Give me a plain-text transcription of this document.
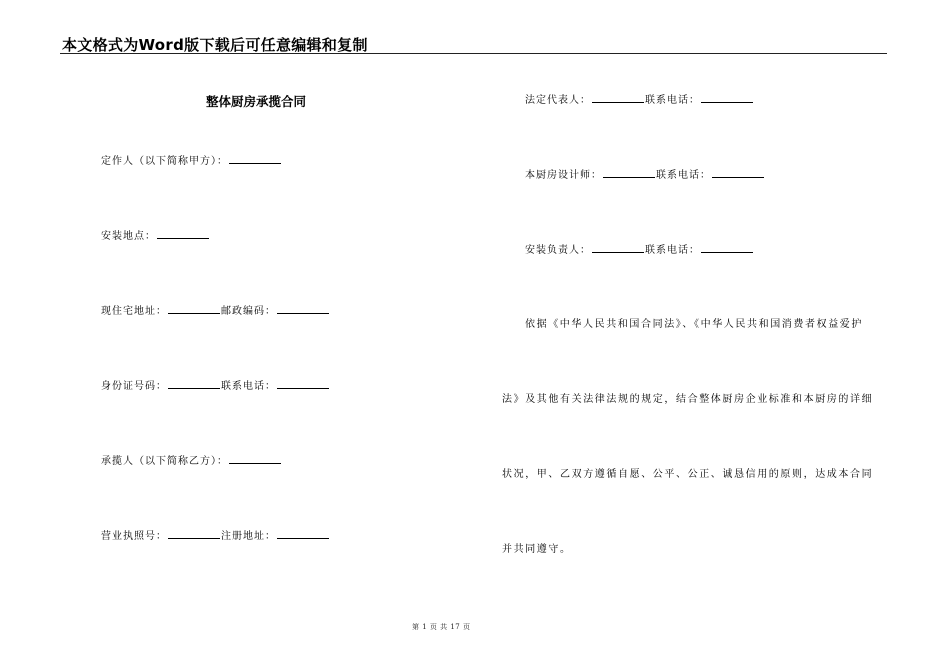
本文格式为Word版下载后可任意编辑和复制
整体厨房承揽合同
定作人（以下简称甲方）：
安装地点：
现住宅地址：	邮政编码：
身份证号码：	联系电话：
承揽人（以下简称乙方）：
营业执照号：	注册地址：
法定代表人：	联系电话：
本厨房设计师：	联系电话：
安装负责人：	联系电话：
依据《中华人民共和国合同法》、《中华人民共和国消费者权益爱护
法》及其他有关法律法规的规定，结合整体厨房企业标准和本厨房的详细
状况，甲、乙双方遵循自愿、公平、公正、诚恳信用的原则，达成本合同
并共同遵守。
第 1 页 共 17 页
